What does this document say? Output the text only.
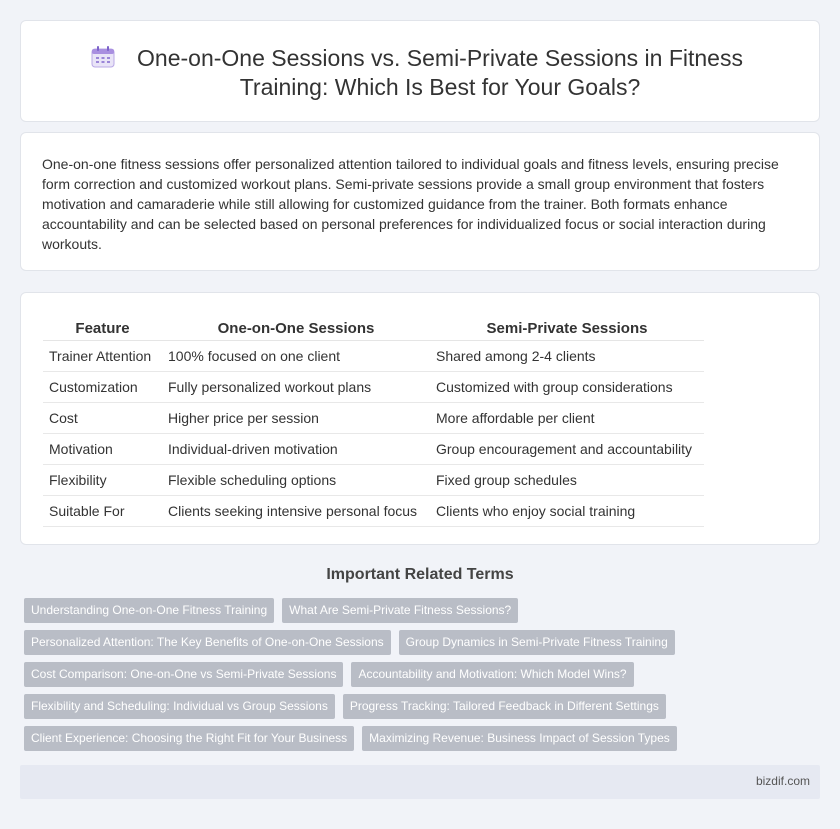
One-on-One Sessions vs. Semi-Private Sessions in Fitness Training: Which Is Best for Your Goals?

One-on-one fitness sessions offer personalized attention tailored to individual goals and fitness levels, ensuring precise form correction and customized workout plans. Semi-private sessions provide a small group environment that fosters motivation and camaraderie while still allowing for customized guidance from the trainer. Both formats enhance accountability and can be selected based on personal preferences for individualized focus or social interaction during workouts.

Feature	One-on-One Sessions	Semi-Private Sessions
Trainer Attention	100% focused on one client	Shared among 2-4 clients
Customization	Fully personalized workout plans	Customized with group considerations
Cost	Higher price per session	More affordable per client
Motivation	Individual-driven motivation	Group encouragement and accountability
Flexibility	Flexible scheduling options	Fixed group schedules
Suitable For	Clients seeking intensive personal focus	Clients who enjoy social training
Important Related Terms
Understanding One-on-One Fitness Training	What Are Semi-Private Fitness Sessions?
Personalized Attention: The Key Benefits of One-on-One Sessions	Group Dynamics in Semi-Private Fitness Training
Cost Comparison: One-on-One vs Semi-Private Sessions	Accountability and Motivation: Which Model Wins?
Flexibility and Scheduling: Individual vs Group Sessions	Progress Tracking: Tailored Feedback in Different Settings
Client Experience: Choosing the Right Fit for Your Business	Maximizing Revenue: Business Impact of Session Types
bizdif.com
